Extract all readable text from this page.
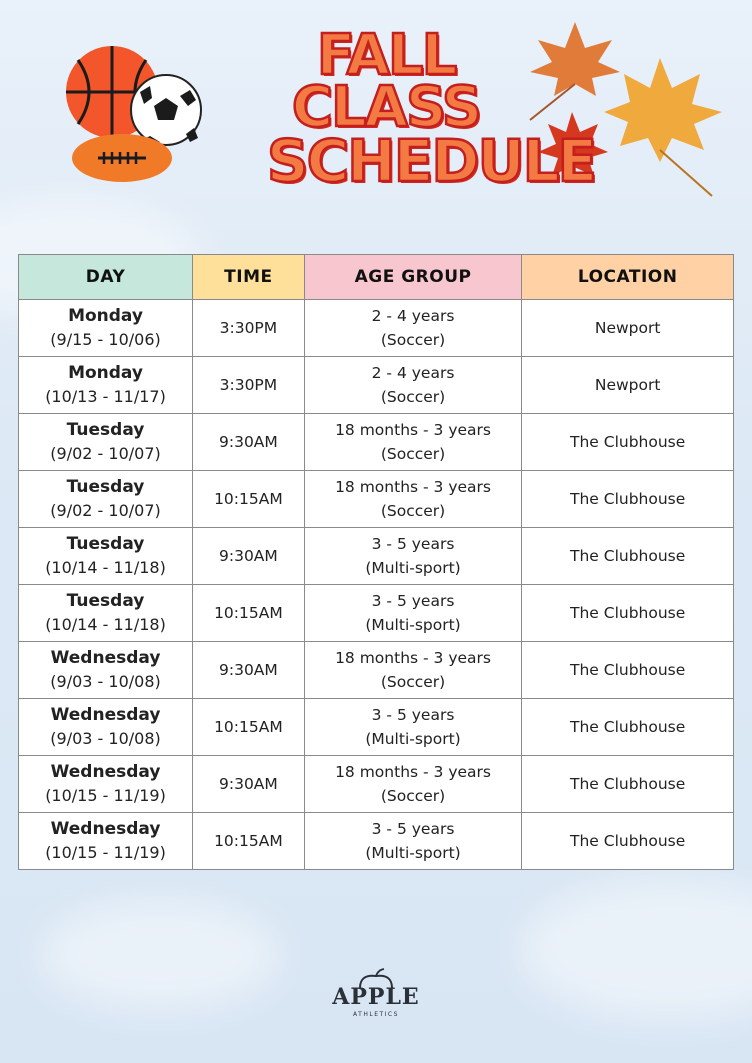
FALL
CLASS
SCHEDULE
DAY	TIME	AGE GROUP	LOCATION

Monday
(9/15 - 10/06)	3:30PM	2 - 4 years
(Soccer)	Newport

Monday
(10/13 - 11/17)	3:30PM	2 - 4 years
(Soccer)	Newport

Tuesday
(9/02 - 10/07)	9:30AM	18 months - 3 years
(Soccer)	The Clubhouse

Tuesday
(9/02 - 10/07)	10:15AM	18 months - 3 years
(Soccer)	The Clubhouse

Tuesday
(10/14 - 11/18)	9:30AM	3 - 5 years
(Multi-sport)	The Clubhouse

Tuesday
(10/14 - 11/18)	10:15AM	3 - 5 years
(Multi-sport)	The Clubhouse

Wednesday
(9/03 - 10/08)	9:30AM	18 months - 3 years
(Soccer)	The Clubhouse

Wednesday
(9/03 - 10/08)	10:15AM	3 - 5 years
(Multi-sport)	The Clubhouse

Wednesday
(10/15 - 11/19)	9:30AM	18 months - 3 years
(Soccer)	The Clubhouse

Wednesday
(10/15 - 11/19)	10:15AM	3 - 5 years
(Multi-sport)	The Clubhouse
APPLE
ATHLETICS
